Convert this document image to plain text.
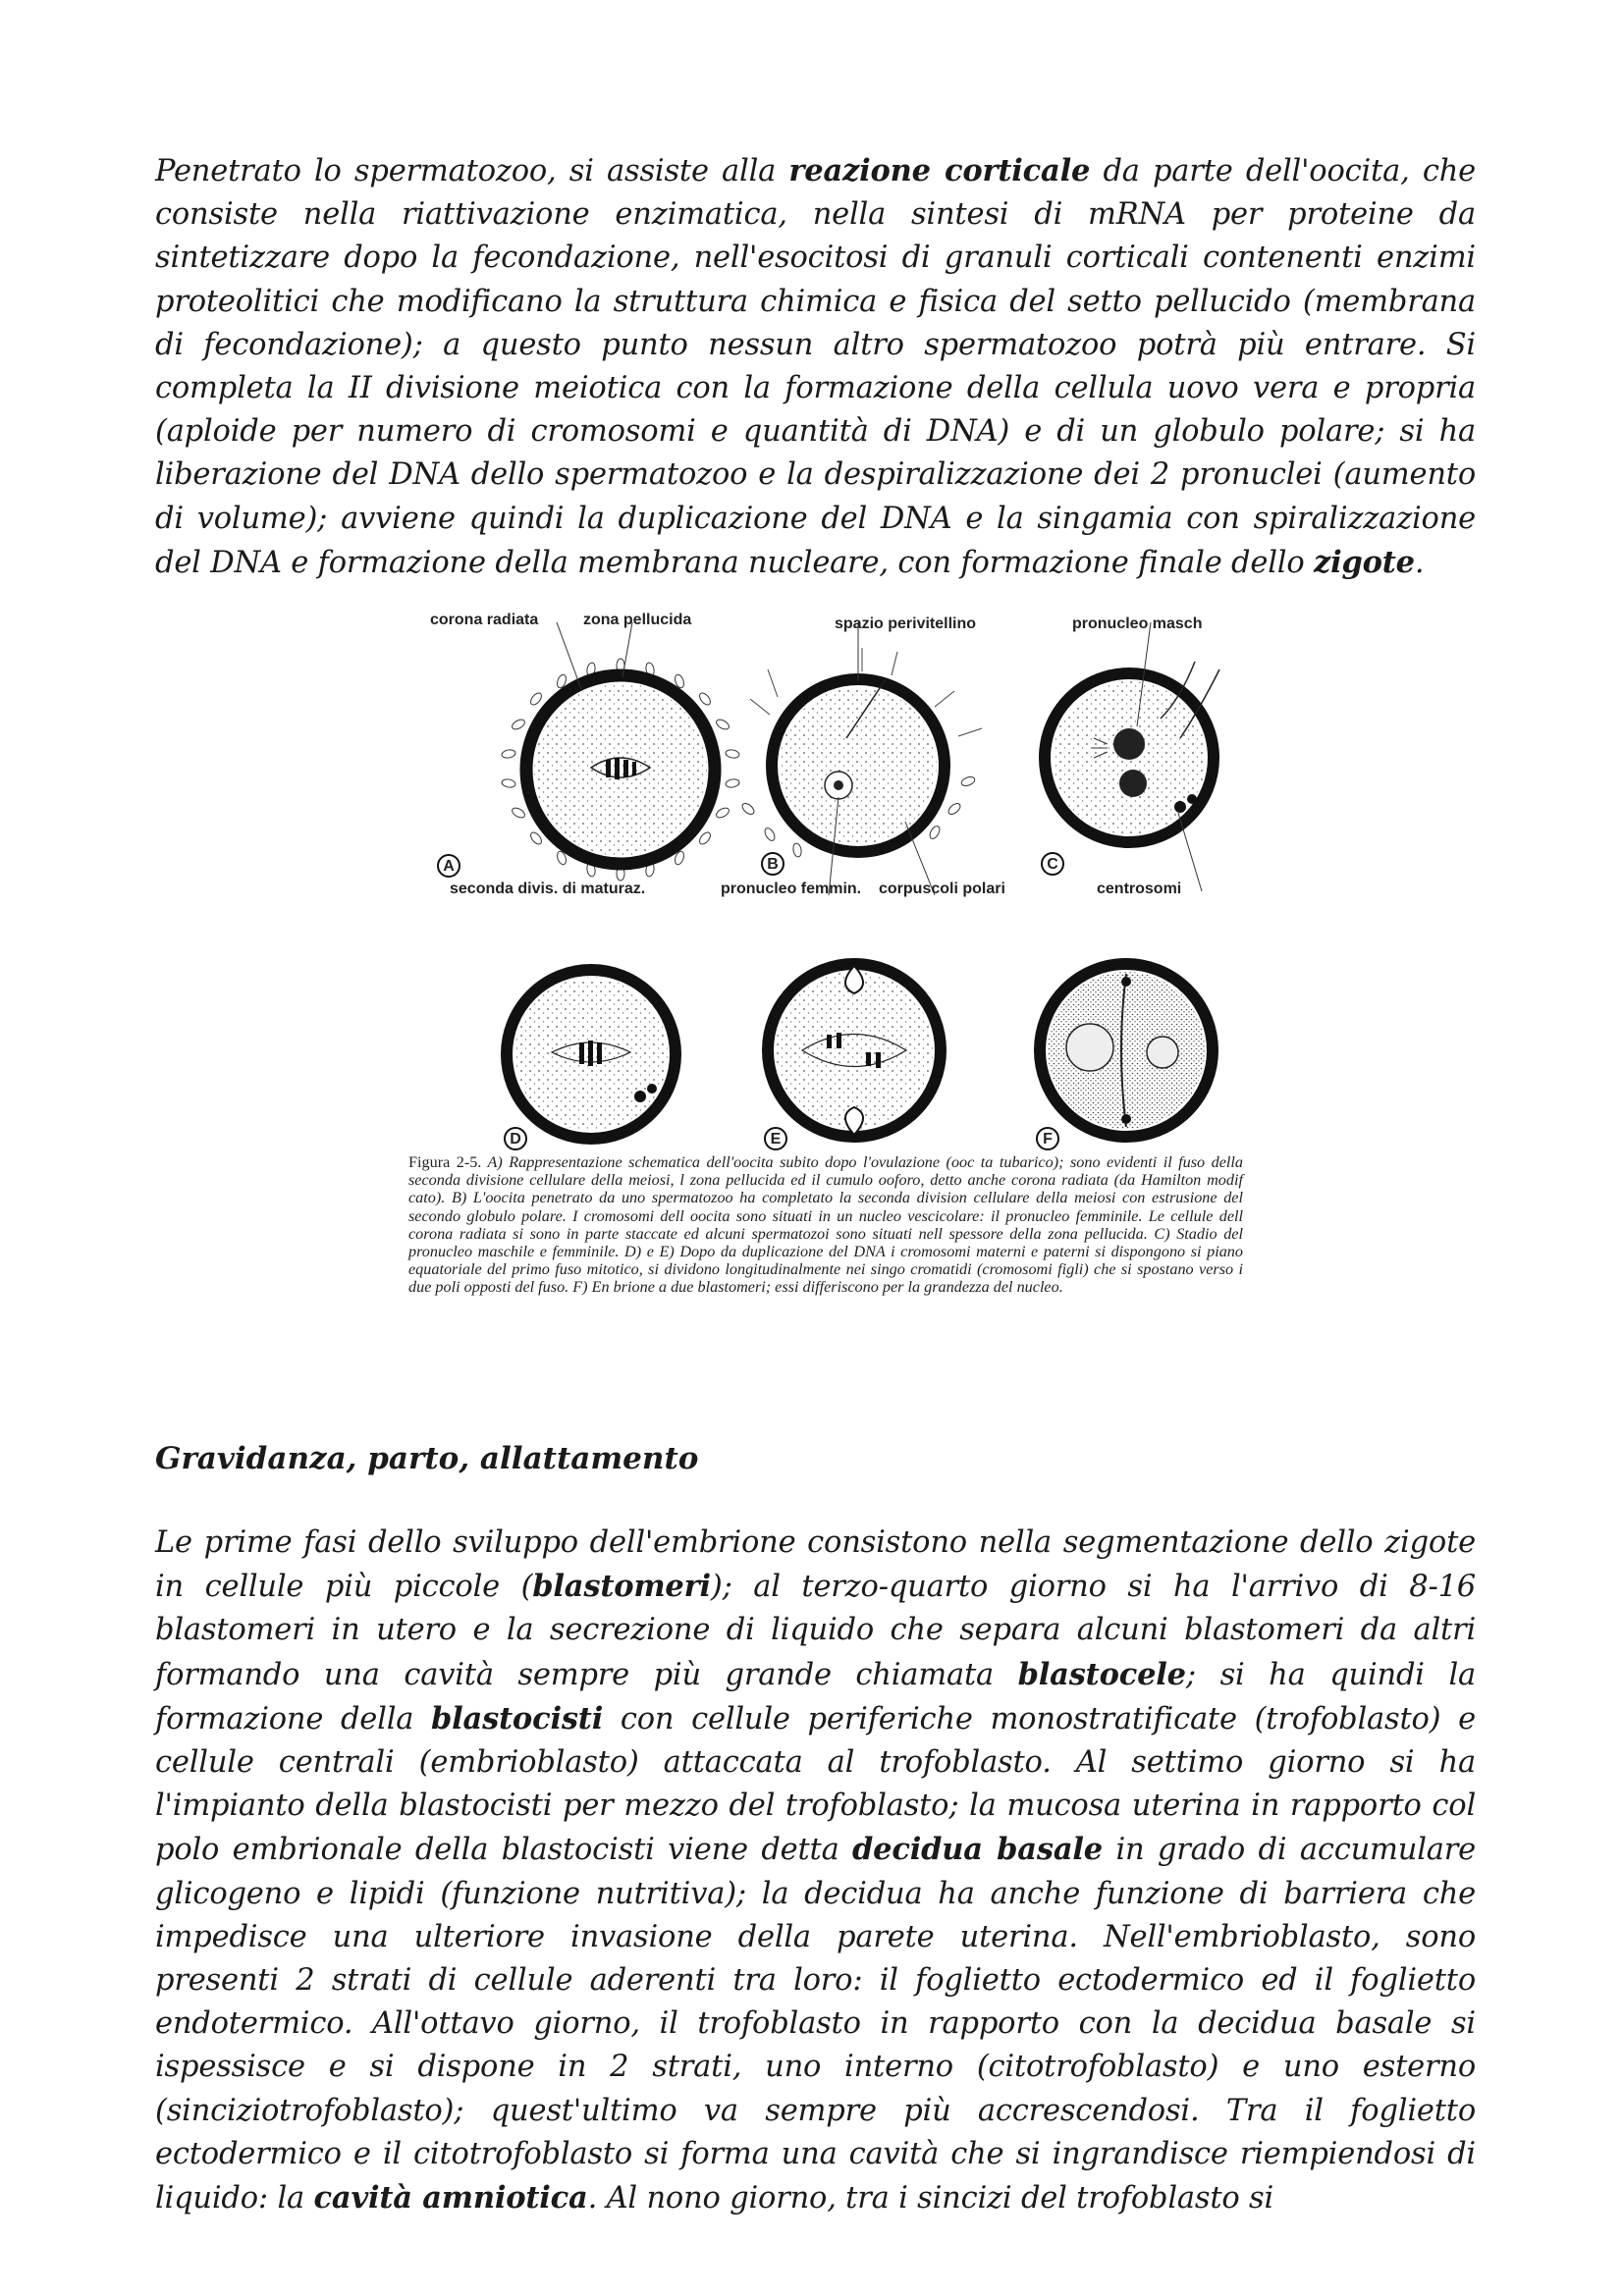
Penetrato lo spermatozoo, si assiste alla reazione corticale da parte dell'oocita, che consiste nella riattivazione enzimatica, nella sintesi di mRNA per proteine da sintetizzare dopo la fecondazione, nell'esocitosi di granuli corticali contenenti enzimi proteolitici che modificano la struttura chimica e fisica del setto pellucido (membrana di fecondazione); a questo punto nessun altro spermatozoo potrà più entrare. Si completa la II divisione meiotica con la formazione della cellula uovo vera e propria (aploide per numero di cromosomi e quantità di DNA) e di un globulo polare; si ha liberazione del DNA dello spermatozoo e la despiralizzazione dei 2 pronuclei (aumento di volume); avviene quindi la duplicazione del DNA e la singamia con spiralizzazione del DNA e formazione della membrana nucleare, con formazione finale dello zigote.

A	B	C
D	E	F
corona radiata	zona pellucida	spazio perivitellino	pronucleo masch
seconda divis. di maturaz.	pronucleo femmin. corpuscoli polari	centrosomi

Figura 2-5. A) Rappresentazione schematica dell'oocita subito dopo l'ovulazione (ooc ta tubarico); sono evidenti il fuso della seconda divisione cellulare della meiosi, l zona pellucida ed il cumulo ooforo, detto anche corona radiata (da Hamilton modif cato). B) L'oocita penetrato da uno spermatozoo ha completato la seconda division cellulare della meiosi con estrusione del secondo globulo polare. I cromosomi dell oocita sono situati in un nucleo vescicolare: il pronucleo femminile. Le cellule dell corona radiata si sono in parte staccate ed alcuni spermatozoi sono situati nell spessore della zona pellucida. C) Stadio del pronucleo maschile e femminile. D) e E) Dopo da duplicazione del DNA i cromosomi materni e paterni si dispongono si piano equatoriale del primo fuso mitotico, si dividono longitudinalmente nei singo cromatidi (cromosomi figli) che si spostano verso i due poli opposti del fuso. F) En brione a due blastomeri; essi differiscono per la grandezza del nucleo.

Gravidanza, parto, allattamento

Le prime fasi dello sviluppo dell'embrione consistono nella segmentazione dello zigote in cellule più piccole (blastomeri); al terzo-quarto giorno si ha l'arrivo di 8-16 blastomeri in utero e la secrezione di liquido che separa alcuni blastomeri da altri formando una cavità sempre più grande chiamata blastocele; si ha quindi la formazione della blastocisti con cellule periferiche monostratificate (trofoblasto) e cellule centrali (embrioblasto) attaccata al trofoblasto. Al settimo giorno si ha l'impianto della blastocisti per mezzo del trofoblasto; la mucosa uterina in rapporto col polo embrionale della blastocisti viene detta decidua basale in grado di accumulare glicogeno e lipidi (funzione nutritiva); la decidua ha anche funzione di barriera che impedisce una ulteriore invasione della parete uterina. Nell'embrioblasto, sono presenti 2 strati di cellule aderenti tra loro: il foglietto ectodermico ed il foglietto endotermico. All'ottavo giorno, il trofoblasto in rapporto con la decidua basale si ispessisce e si dispone in 2 strati, uno interno (citotrofoblasto) e uno esterno (sinciziotrofoblasto); quest'ultimo va sempre più accrescendosi. Tra il foglietto ectodermico e il citotrofoblasto si forma una cavità che si ingrandisce riempiendosi di liquido: la cavità amniotica. Al nono giorno, tra i sincizi del trofoblasto si
